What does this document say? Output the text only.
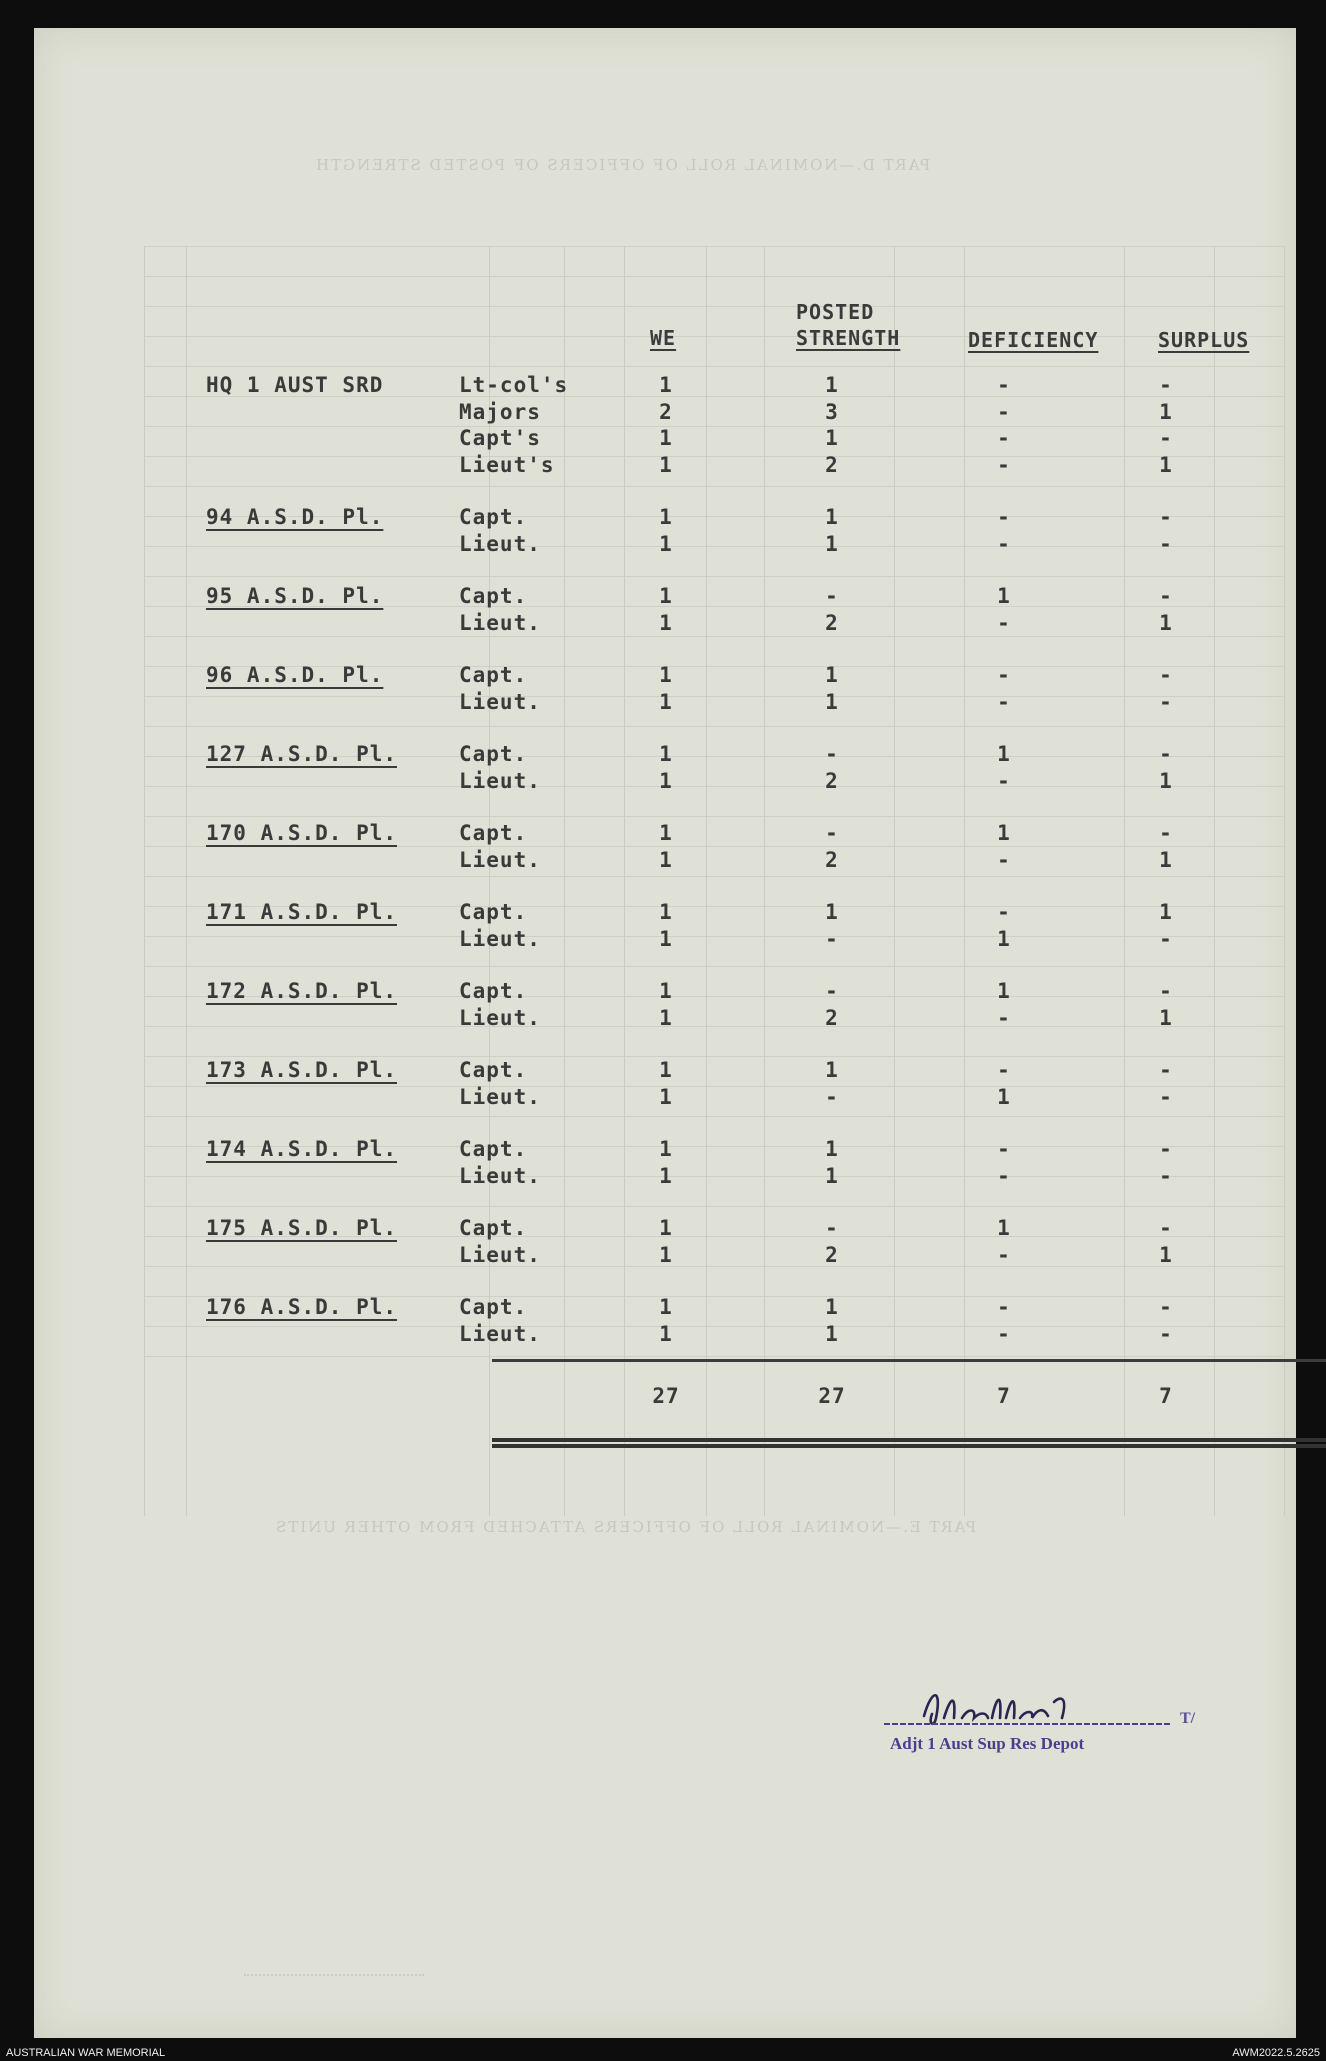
PART D.—NOMINAL ROLL OF OFFICERS OF POSTED STRENGTH
PART E.—NOMINAL ROLL OF OFFICERS ATTACHED FROM OTHER UNITS
WE
POSTED
STRENGTH	DEFICIENCY	SURPLUS
HQ 1 AUST SRD	Lt-col's	1	1	-	-
Majors	2	3	-	1
Capt's	1	1	-	-
Lieut's	1	2	-	1
94 A.S.D. Pl.	Capt.	1	1	-	-
Lieut.	1	1	-	-
95 A.S.D. Pl.	Capt.	1	-	1	-
Lieut.	1	2	-	1
96 A.S.D. Pl.	Capt.	1	1	-	-
Lieut.	1	1	-	-
127 A.S.D. Pl.	Capt.	1	-	1	-
Lieut.	1	2	-	1
170 A.S.D. Pl.	Capt.	1	-	1	-
Lieut.	1	2	-	1
171 A.S.D. Pl.	Capt.	1	1	-	1
Lieut.	1	-	1	-
172 A.S.D. Pl.	Capt.	1	-	1	-
Lieut.	1	2	-	1
173 A.S.D. Pl.	Capt.	1	1	-	-
Lieut.	1	-	1	-
174 A.S.D. Pl.	Capt.	1	1	-	-
Lieut.	1	1	-	-
175 A.S.D. Pl.	Capt.	1	-	1	-
Lieut.	1	2	-	1
176 A.S.D. Pl.	Capt.	1	1	-	-
Lieut.	1	1	-	-
27	27	7	7
T/
Adjt 1 Aust Sup Res Depot
AUSTRALIAN WAR MEMORIAL	AWM2022.5.2625
